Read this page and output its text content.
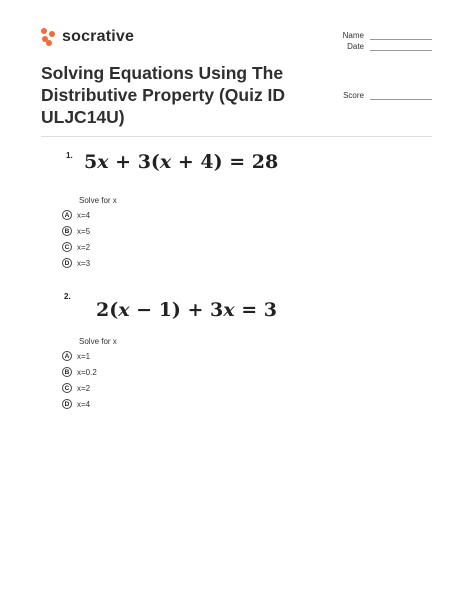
socrative	Name
Date
Score
Solving Equations Using The Distributive Property (Quiz ID ULJC14U)
1. 5x + 3(x + 4) = 28
Solve for x
A x=4
B x=5
C x=2
D x=3
2.
2(x − 1) + 3x = 3
Solve for x
A x=1
B x=0.2
C x=2
D x=4
